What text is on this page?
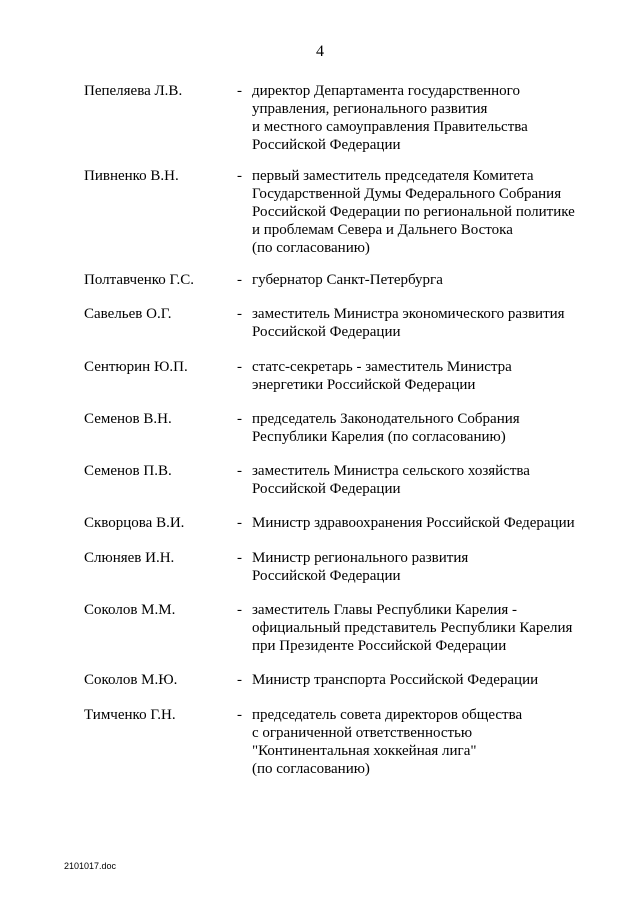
4
Пепеляева Л.В.	- директор Департамента государственного
управления, регионального развития
и местного самоуправления Правительства
Российской Федерации
Пивненко В.Н.	- первый заместитель председателя Комитета
Государственной Думы Федерального Собрания
Российской Федерации по региональной политике
и проблемам Севера и Дальнего Востока
(по согласованию)
Полтавченко Г.С.	- губернатор Санкт-Петербурга
Савельев О.Г.	- заместитель Министра экономического развития
Российской Федерации
Сентюрин Ю.П.	- статс-секретарь - заместитель Министра
энергетики Российской Федерации
Семенов В.Н.	- председатель Законодательного Собрания
Республики Карелия (по согласованию)
Семенов П.В.	- заместитель Министра сельского хозяйства
Российской Федерации
Скворцова В.И.	- Министр здравоохранения Российской Федерации
Слюняев И.Н.	- Министр регионального развития
Российской Федерации
Соколов М.М.	- заместитель Главы Республики Карелия -
официальный представитель Республики Карелия
при Президенте Российской Федерации
Соколов М.Ю.	- Министр транспорта Российской Федерации
Тимченко Г.Н.	- председатель совета директоров общества
с ограниченной ответственностью
"Континентальная хоккейная лига"
(по согласованию)
2101017.doc
